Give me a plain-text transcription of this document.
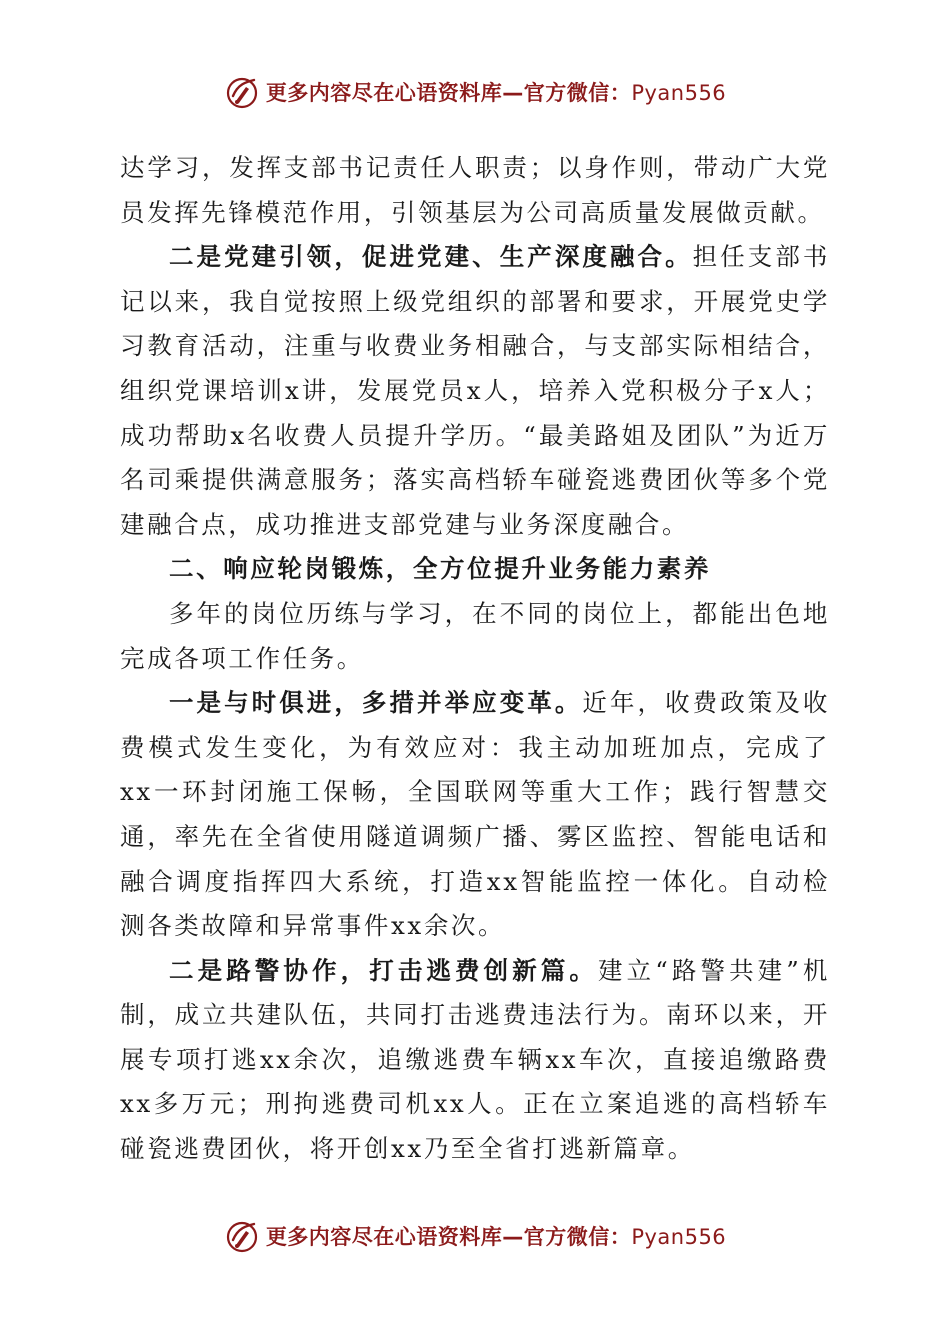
更多内容尽在心语资料库—官方微信：Pyan556

达学习，发挥支部书记责任人职责；以身作则，带动广大党员发挥先锋模范作用，引领基层为公司高质量发展做贡献。

二是党建引领，促进党建、生产深度融合。担任支部书记以来，我自觉按照上级党组织的部署和要求，开展党史学习教育活动，注重与收费业务相融合，与支部实际相结合，组织党课培训x讲，发展党员x人，培养入党积极分子x人；成功帮助x名收费人员提升学历。“最美路姐及团队”为近万名司乘提供满意服务；落实高档轿车碰瓷逃费团伙等多个党建融合点，成功推进支部党建与业务深度融合。

二、响应轮岗锻炼，全方位提升业务能力素养

多年的岗位历练与学习，在不同的岗位上，都能出色地完成各项工作任务。

一是与时俱进，多措并举应变革。近年，收费政策及收费模式发生变化，为有效应对：我主动加班加点，完成了xx一环封闭施工保畅，全国联网等重大工作；践行智慧交通，率先在全省使用隧道调频广播、雾区监控、智能电话和融合调度指挥四大系统，打造xx智能监控一体化。自动检测各类故障和异常事件xx余次。

二是路警协作，打击逃费创新篇。建立“路警共建”机制，成立共建队伍，共同打击逃费违法行为。南环以来，开展专项打逃xx余次，追缴逃费车辆xx车次，直接追缴路费xx多万元；刑拘逃费司机xx人。正在立案追逃的高档轿车碰瓷逃费团伙，将开创xx乃至全省打逃新篇章。

更多内容尽在心语资料库—官方微信：Pyan556
